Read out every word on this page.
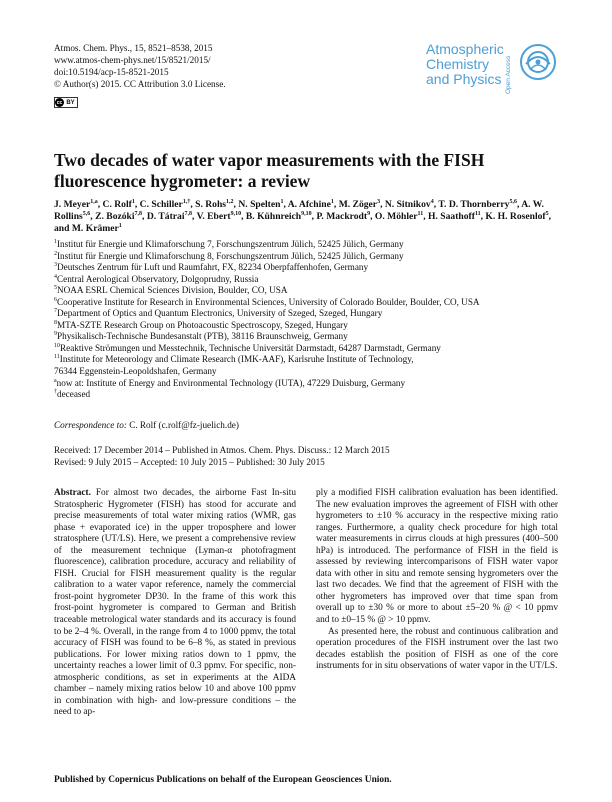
Atmos. Chem. Phys., 15, 8521–8538, 2015
www.atmos-chem-phys.net/15/8521/2015/
doi:10.5194/acp-15-8521-2015
© Author(s) 2015. CC Attribution 3.0 License.
cc BY
Atmospheric
Chemistry
and Physics Open Access
Two decades of water vapor measurements with the FISH fluorescence hygrometer: a review
J. Meyer$^{1,a}$, C. Rolf$^1$, C. Schiller$^{1,\dagger}$, S. Rohs$^{1,2}$, N. Spelten$^1$, A. Afchine$^1$, M. Zöger$^3$, N. Sitnikov$^4$, T. D. Thornberry$^{5,6}$, A. W. Rollins$^{5,6}$, Z. Bozóki$^{7,8}$, D. Tátrai$^{7,8}$, V. Ebert$^{9,10}$, B. Kühnreich$^{9,10}$, P. Mackrodt$^9$, O. Möhler$^{11}$, H. Saathoff$^{11}$, K. H. Rosenlof$^5$, and M. Krämer$^1$
$^1$Institut für Energie und Klimaforschung 7, Forschungszentrum Jülich, 52425 Jülich, Germany
$^2$Institut für Energie und Klimaforschung 8, Forschungszentrum Jülich, 52425 Jülich, Germany
$^3$Deutsches Zentrum für Luft und Raumfahrt, FX, 82234 Oberpfaffenhofen, Germany
$^4$Central Aerological Observatory, Dolgoprudny, Russia
$^5$NOAA ESRL Chemical Sciences Division, Boulder, CO, USA
$^6$Cooperative Institute for Research in Environmental Sciences, University of Colorado Boulder, Boulder, CO, USA
$^7$Department of Optics and Quantum Electronics, University of Szeged, Szeged, Hungary
$^8$MTA-SZTE Research Group on Photoacoustic Spectroscopy, Szeged, Hungary
$^9$Physikalisch-Technische Bundesanstalt (PTB), 38116 Braunschweig, Germany
$^{10}$Reaktive Strömungen und Messtechnik, Technische Universität Darmstadt, 64287 Darmstadt, Germany
$^{11}$Institute for Meteorology and Climate Research (IMK-AAF), Karlsruhe Institute of Technology,
76344 Eggenstein-Leopoldshafen, Germany
$^a$now at: Institute of Energy and Environmental Technology (IUTA), 47229 Duisburg, Germany
†deceased
Correspondence to: C. Rolf (c.rolf@fz-juelich.de)
Received: 17 December 2014 – Published in Atmos. Chem. Phys. Discuss.: 12 March 2015
Revised: 9 July 2015 – Accepted: 10 July 2015 – Published: 30 July 2015
Abstract. For almost two decades, the airborne Fast In-situ Stratospheric Hygrometer (FISH) has stood for accurate and precise measurements of total water mixing ratios (WMR, gas phase + evaporated ice) in the upper troposphere and lower stratosphere (UT/LS). Here, we present a comprehensive review of the measurement technique (Lyman-α photofragment fluorescence), calibration procedure, accuracy and reliability of FISH. Crucial for FISH measurement quality is the regular calibration to a water vapor reference, namely the commercial frost-point hygrometer DP30. In the frame of this work this frost-point hygrometer is compared to German and British traceable metrological water standards and its accuracy is found to be 2–4 %. Overall, in the range from 4 to 1000 ppmv, the total accuracy of FISH was found to be 6–8 %, as stated in previous publications. For lower mixing ratios down to 1 ppmv, the uncertainty reaches a lower limit of 0.3 ppmv. For specific, non-atmospheric conditions, as set in experiments at the AIDA chamber – namely mixing ratios below 10 and above 100 ppmv in combination with high- and low-pressure conditions – the need to ap-

ply a modified FISH calibration evaluation has been identified. The new evaluation improves the agreement of FISH with other hygrometers to ±10 % accuracy in the respective mixing ratio ranges. Furthermore, a quality check procedure for high total water measurements in cirrus clouds at high pressures (400–500 hPa) is introduced. The performance of FISH in the field is assessed by reviewing intercomparisons of FISH water vapor data with other in situ and remote sensing hygrometers over the last two decades. We find that the agreement of FISH with the other hygrometers has improved over that time span from overall up to ±30 % or more to about ±5–20 % @ < 10 ppmv and to ±0–15 % @ > 10 ppmv.

As presented here, the robust and continuous calibration and operation procedures of the FISH instrument over the last two decades establish the position of FISH as one of the core instruments for in situ observations of water vapor in the UT/LS.

Published by Copernicus Publications on behalf of the European Geosciences Union.
